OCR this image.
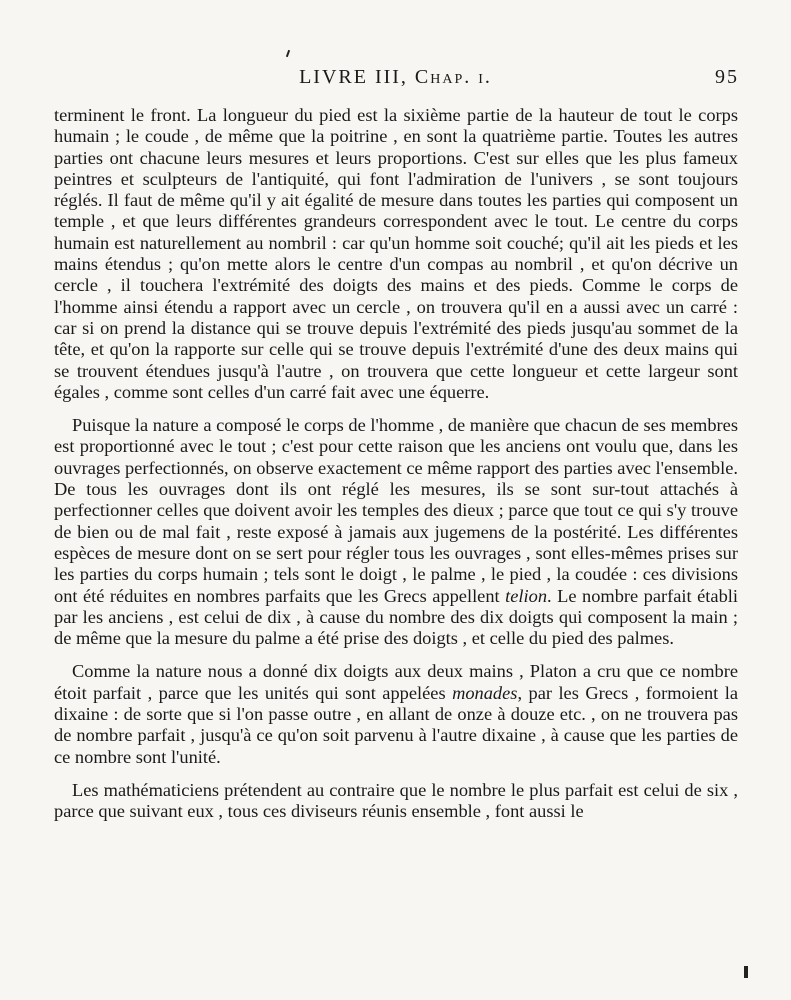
LIVRE III, Chap. i.	95

terminent le front. La longueur du pied est la sixième partie de la hauteur de tout le corps humain ; le coude , de même que la poitrine , en sont la quatrième partie. Toutes les autres parties ont chacune leurs mesures et leurs proportions. C'est sur elles que les plus fameux peintres et sculpteurs de l'antiquité, qui font l'admiration de l'univers , se sont toujours réglés. Il faut de même qu'il y ait égalité de mesure dans toutes les parties qui composent un temple , et que leurs différentes grandeurs correspondent avec le tout. Le centre du corps humain est naturellement au nombril : car qu'un homme soit couché; qu'il ait les pieds et les mains étendus ; qu'on mette alors le centre d'un compas au nombril , et qu'on décrive un cercle , il touchera l'extrémité des doigts des mains et des pieds. Comme le corps de l'homme ainsi étendu a rapport avec un cercle , on trouvera qu'il en a aussi avec un carré : car si on prend la distance qui se trouve depuis l'extrémité des pieds jusqu'au sommet de la tête, et qu'on la rapporte sur celle qui se trouve depuis l'extrémité d'une des deux mains qui se trouvent étendues jusqu'à l'autre , on trouvera que cette longueur et cette largeur sont égales , comme sont celles d'un carré fait avec une équerre.

Puisque la nature a composé le corps de l'homme , de manière que chacun de ses membres est proportionné avec le tout ; c'est pour cette raison que les anciens ont voulu que, dans les ouvrages perfectionnés, on observe exactement ce même rapport des parties avec l'ensemble. De tous les ouvrages dont ils ont réglé les mesures, ils se sont sur-tout attachés à perfectionner celles que doivent avoir les temples des dieux ; parce que tout ce qui s'y trouve de bien ou de mal fait , reste exposé à jamais aux jugemens de la postérité. Les différentes espèces de mesure dont on se sert pour régler tous les ouvrages , sont elles-mêmes prises sur les parties du corps humain ; tels sont le doigt , le palme , le pied , la coudée : ces divisions ont été réduites en nombres parfaits que les Grecs appellent telion. Le nombre parfait établi par les anciens , est celui de dix , à cause du nombre des dix doigts qui composent la main ; de même que la mesure du palme a été prise des doigts , et celle du pied des palmes.

Comme la nature nous a donné dix doigts aux deux mains , Platon a cru que ce nombre étoit parfait , parce que les unités qui sont appelées monades, par les Grecs , formoient la dixaine : de sorte que si l'on passe outre , en allant de onze à douze etc. , on ne trouvera pas de nombre parfait , jusqu'à ce qu'on soit parvenu à l'autre dixaine , à cause que les parties de ce nombre sont l'unité.

Les mathématiciens prétendent au contraire que le nombre le plus parfait est celui de six , parce que suivant eux , tous ces diviseurs réunis ensemble , font aussi le
